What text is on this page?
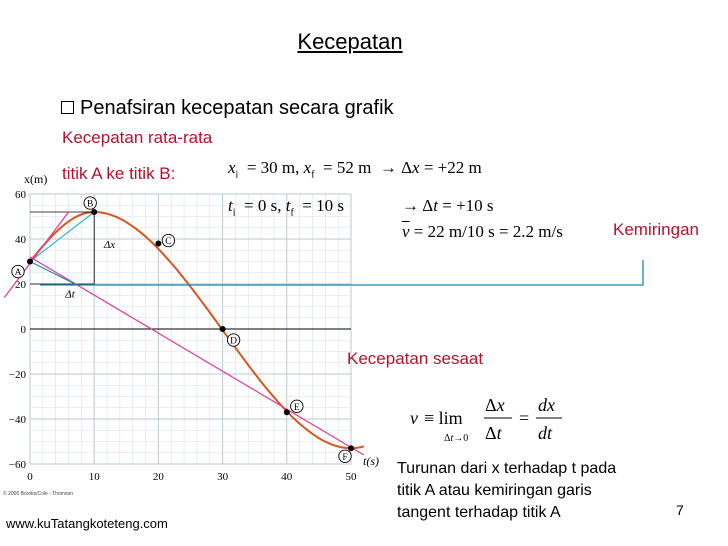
Kecepatan
Penafsiran kecepatan secara grafik
Kecepatan rata-rata
60
40
20
0
−20
−40
−60
0	10	20	30	40	50
Δx
Δt
A
B
C
D
E
F
x(m)
t(s)
titik A ke titik B:	$x_i = 30$ m, $x_f = 52$ m  → Δx = +22 m
$t_i = 0$ s, $t_f = 10$ s	→ Δt = +10 s
$\overline{v} = 22$ m/10 s = 2.2 m/s	Kemiringan
Kecepatan sesaat
v ≡ lim
Δt→0
Δx
Δt
=
dx
dt
Turunan dari x terhadap t pada
titik A atau kemiringan garis
tangent terhadap titik A
© 2006 Brooks/Cole - Thomson
7
www.kuTatangkoteteng.com
